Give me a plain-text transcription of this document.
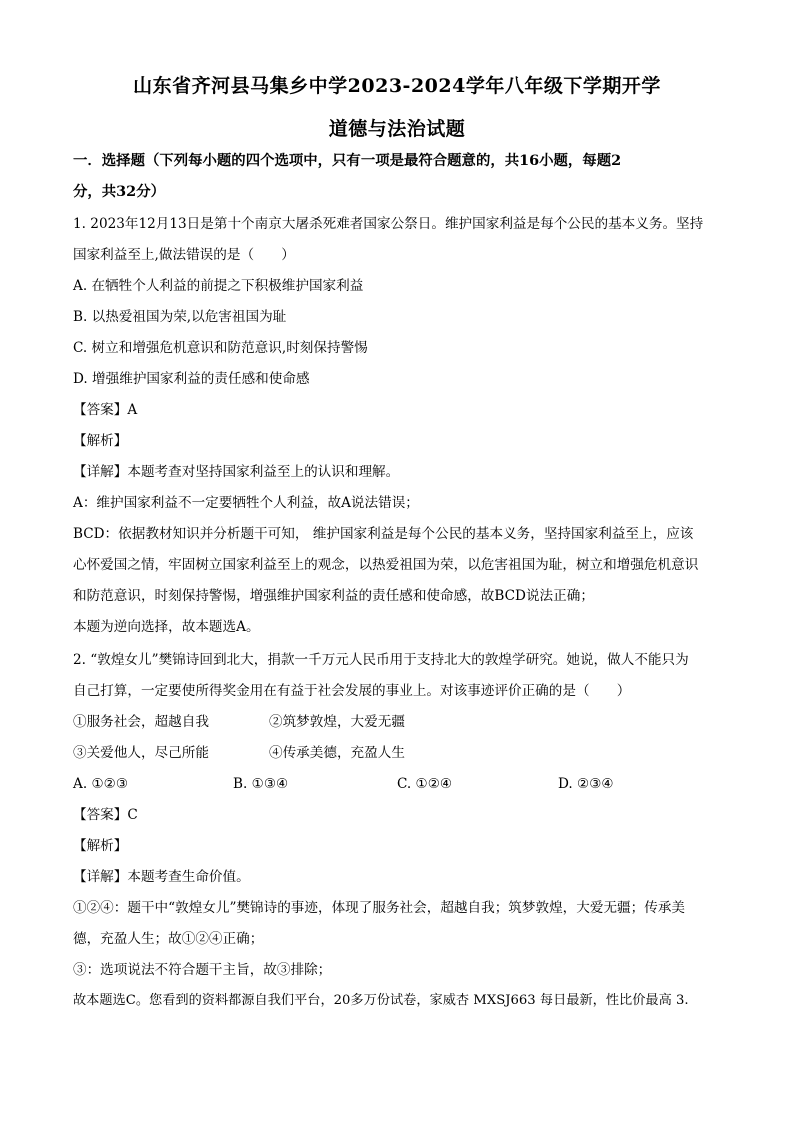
山东省齐河县马集乡中学2023-2024学年八年级下学期开学
道德与法治试题
一．选择题（下列每小题的四个选项中，只有一项是最符合题意的，共16小题，每题2
分，共32分）
1. 2023年12月13日是第十个南京大屠杀死难者国家公祭日。维护国家利益是每个公民的基本义务。坚持
国家利益至上,做法错误的是（　　）
A. 在牺牲个人利益的前提之下积极维护国家利益
B. 以热爱祖国为荣,以危害祖国为耻
C. 树立和增强危机意识和防范意识,时刻保持警惕
D. 增强维护国家利益的责任感和使命感
【答案】A
【解析】
【详解】本题考查对坚持国家利益至上的认识和理解。
A：维护国家利益不一定要牺牲个人利益，故A说法错误；
BCD：依据教材知识并分析题干可知， 维护国家利益是每个公民的基本义务，坚持国家利益至上，应该
心怀爱国之情，牢固树立国家利益至上的观念，以热爱祖国为荣，以危害祖国为耻，树立和增强危机意识
和防范意识，时刻保持警惕，增强维护国家利益的责任感和使命感，故BCD说法正确；
本题为逆向选择，故本题选A。
2. “敦煌女儿”樊锦诗回到北大，捐款一千万元人民币用于支持北大的敦煌学研究。她说，做人不能只为
自己打算，一定要使所得奖金用在有益于社会发展的事业上。对该事迹评价正确的是（　　）
①服务社会，超越自我	②筑梦敦煌，大爱无疆
③关爱他人，尽己所能	④传承美德，充盈人生
A. ①②③	B. ①③④	C. ①②④	D. ②③④
【答案】C
【解析】
【详解】本题考查生命价值。
①②④：题干中“敦煌女儿”樊锦诗的事迹，体现了服务社会，超越自我；筑梦敦煌，大爱无疆；传承美
德，充盈人生；故①②④正确；
③：选项说法不符合题干主旨，故③排除；
故本题选C。您看到的资料都源自我们平台，20多万份试卷，家威杏 MXSJ663 每日最新，性比价最高 3.
